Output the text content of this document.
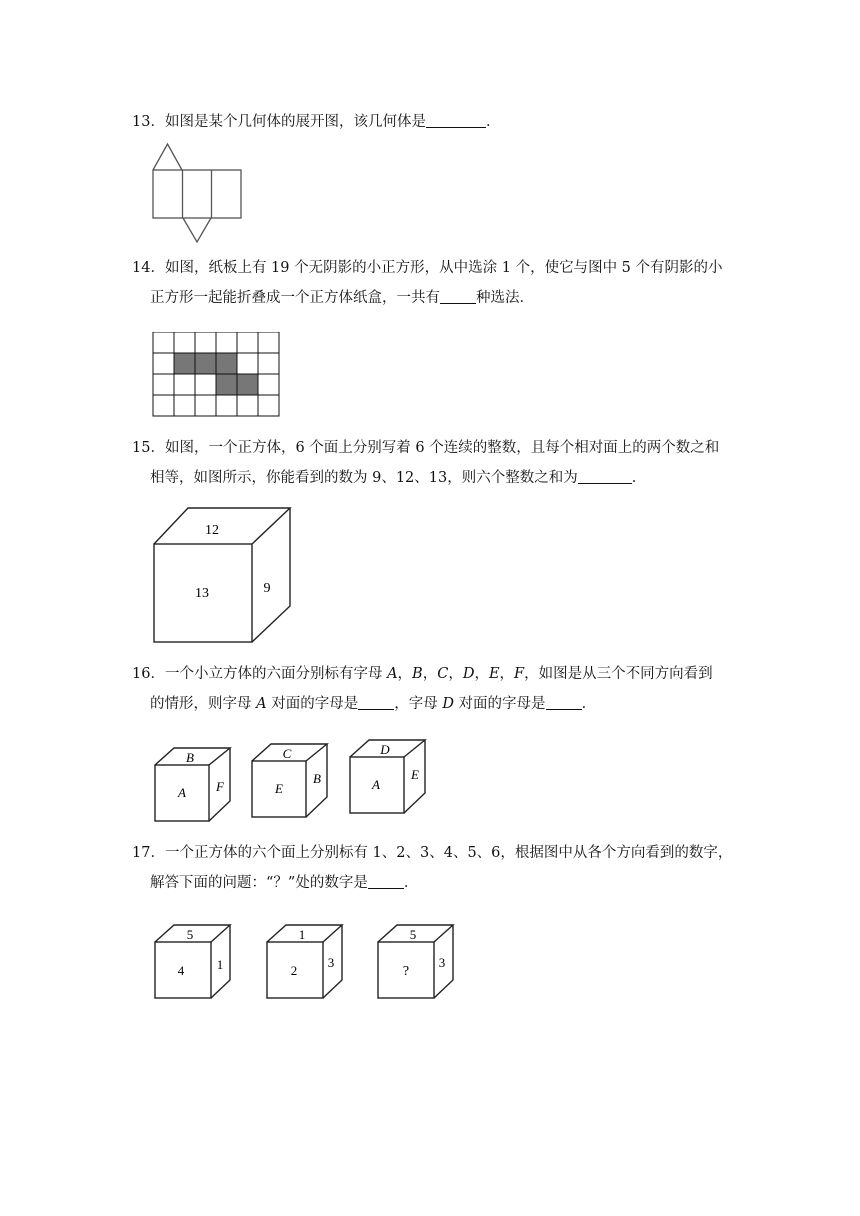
13．如图是某个几何体的展开图，该几何体是	．
14．如图，纸板上有 19 个无阴影的小正方形，从中选涂 1 个，使它与图中 5 个有阴影的小
正方形一起能折叠成一个正方体纸盒，一共有 种选法．
15．如图，一个正方体，6 个面上分别写着 6 个连续的整数，且每个相对面上的两个数之和
相等，如图所示，你能看到的数为 9、12、13，则六个整数之和为	．
12
13	9
16．一个小立方体的六面分别标有字母 A，B，C，D，E，F，如图是从三个不同方向看到
的情形，则字母 A 对面的字母是 ，字母 D 对面的字母是 ．
B
A F
C
E
B
D
A
E
17．一个正方体的六个面上分别标有 1、2、3、4、5、6，根据图中从各个方向看到的数字，
解答下面的问题：“？”处的数字是 ．
5
4	1
1
2
3
5
?
3
